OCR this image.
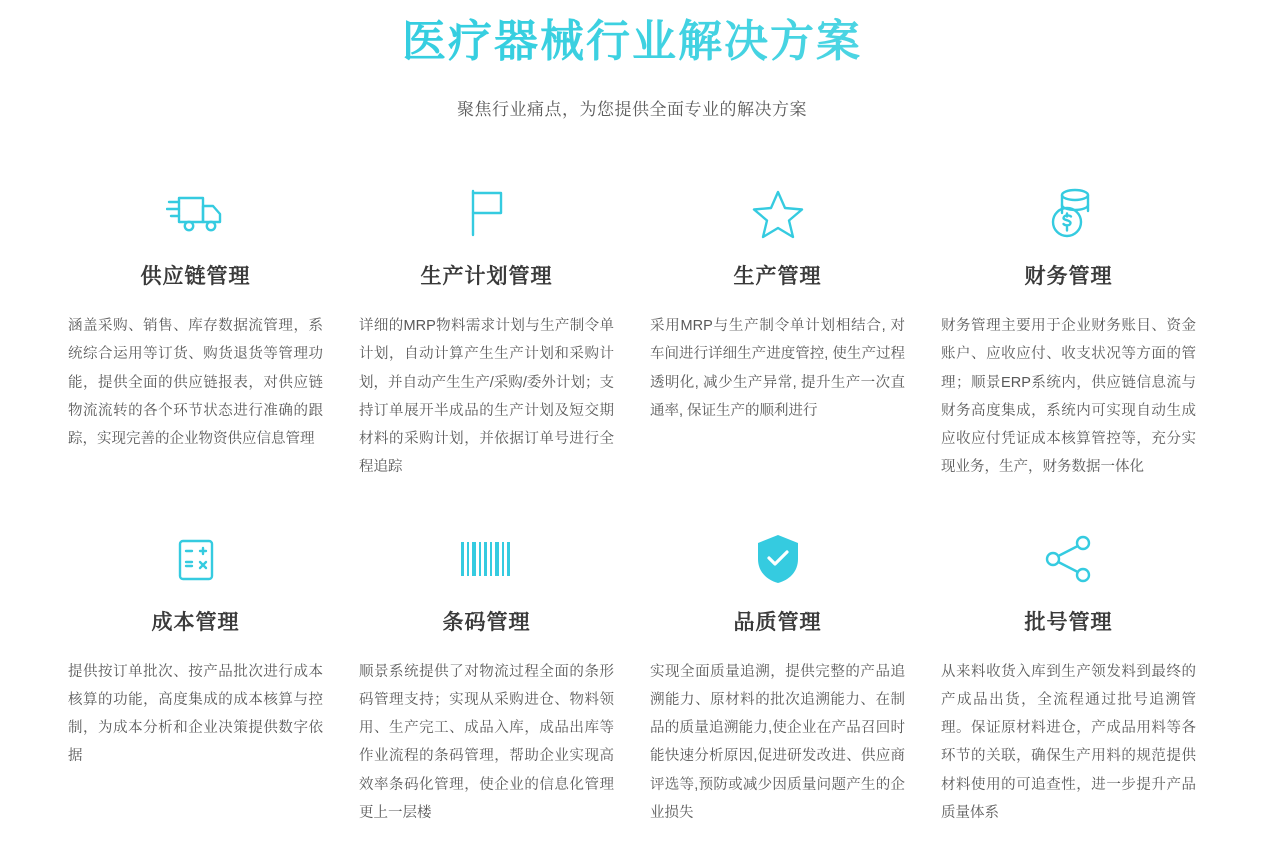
医疗器械行业解决方案

聚焦行业痛点，为您提供全面专业的解决方案

供应链管理

涵盖采购、销售、库存数据流管理，系统综合运用等订货、购货退货等管理功能，提供全面的供应链报表，对供应链物流流转的各个环节状态进行准确的跟踪，实现完善的企业物资供应信息管理

生产计划管理

详细的MRP物料需求计划与生产制令单计划，自动计算产生生产计划和采购计划，并自动产生生产/采购/委外计划；支持订单展开半成品的生产计划及短交期材料的采购计划，并依据订单号进行全程追踪

生产管理

采用MRP与生产制令单计划相结合, 对车间进行详细生产进度管控, 使生产过程透明化, 减少生产异常, 提升生产一次直通率, 保证生产的顺利进行

财务管理

财务管理主要用于企业财务账目、资金账户、应收应付、收支状况等方面的管理；顺景ERP系统内，供应链信息流与财务高度集成，系统内可实现自动生成应收应付凭证成本核算管控等，充分实现业务，生产，财务数据一体化

成本管理

提供按订单批次、按产品批次进行成本核算的功能，高度集成的成本核算与控制，为成本分析和企业决策提供数字依据

条码管理

顺景系统提供了对物流过程全面的条形码管理支持；实现从采购进仓、物料领用、生产完工、成品入库，成品出库等作业流程的条码管理，帮助企业实现高效率条码化管理，使企业的信息化管理更上一层楼

品质管理

实现全面质量追溯，提供完整的产品追溯能力、原材料的批次追溯能力、在制品的质量追溯能力,使企业在产品召回时能快速分析原因,促进研发改进、供应商评选等,预防或减少因质量问题产生的企业损失

批号管理

从来料收货入库到生产领发料到最终的产成品出货，全流程通过批号追溯管理。保证原材料进仓，产成品用料等各环节的关联，确保生产用料的规范提供材料使用的可追查性，进一步提升产品质量体系
